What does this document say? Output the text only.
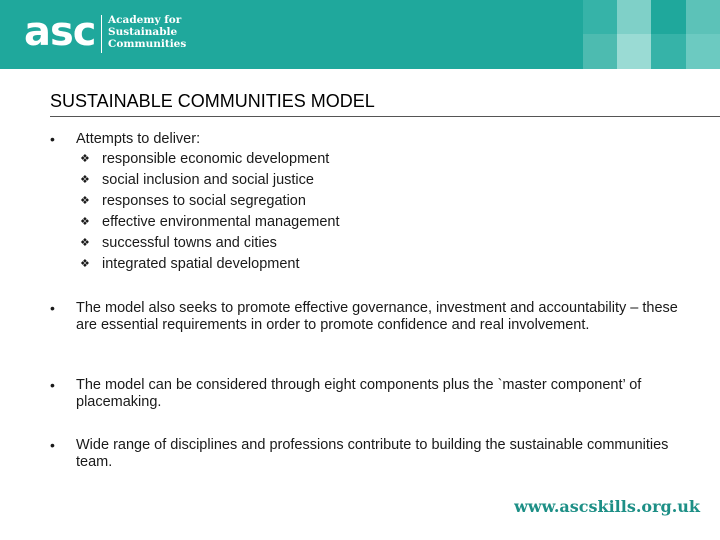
asc Academy for
Sustainable
Communities
SUSTAINABLE COMMUNITIES MODEL
• Attempts to deliver:
❖ responsible economic development
❖ social inclusion and social justice
❖ responses to social segregation
❖ effective environmental management
❖ successful towns and cities
❖ integrated spatial development
• The model also seeks to promote effective governance, investment and accountability – these are essential requirements in order to promote confidence and real involvement.
• The model can be considered through eight components plus the `master component’ of placemaking.
• Wide range of disciplines and professions contribute to building the sustainable communities team.
www.ascskills.org.uk
